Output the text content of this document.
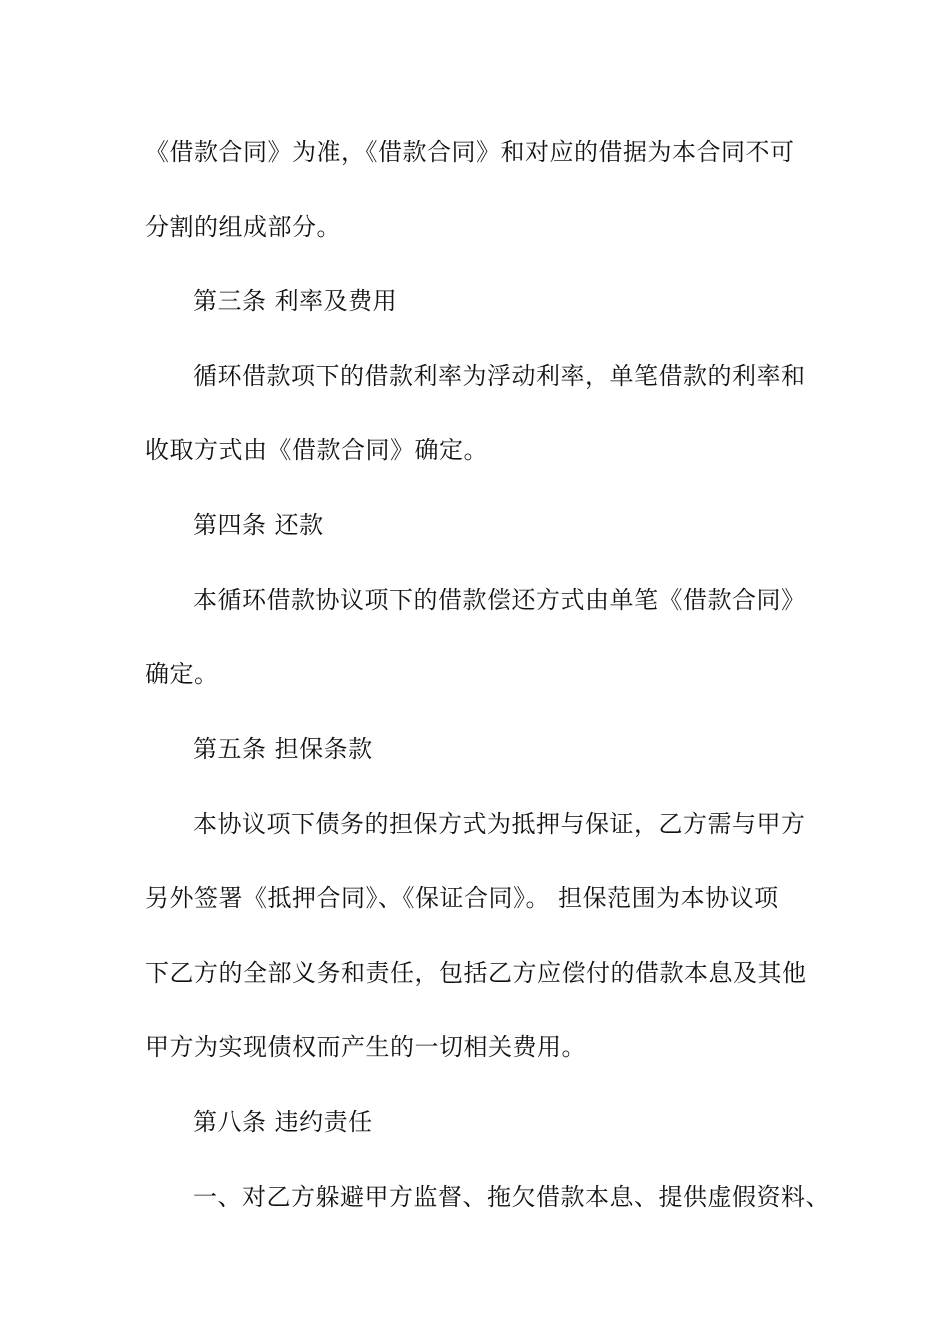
《借款合同》为准，《借款合同》和对应的借据为本合同不可
分割的组成部分。
第三条 利率及费用
循环借款项下的借款利率为浮动利率，单笔借款的利率和
收取方式由《借款合同》确定。
第四条 还款
本循环借款协议项下的借款偿还方式由单笔《借款合同》
确定。
第五条 担保条款
本协议项下债务的担保方式为抵押与保证，乙方需与甲方
另外签署《抵押合同》、《保证合同》。 担保范围为本协议项
下乙方的全部义务和责任，包括乙方应偿付的借款本息及其他
甲方为实现债权而产生的一切相关费用。
第八条 违约责任
一、对乙方躲避甲方监督、拖欠借款本息、提供虚假资料、
